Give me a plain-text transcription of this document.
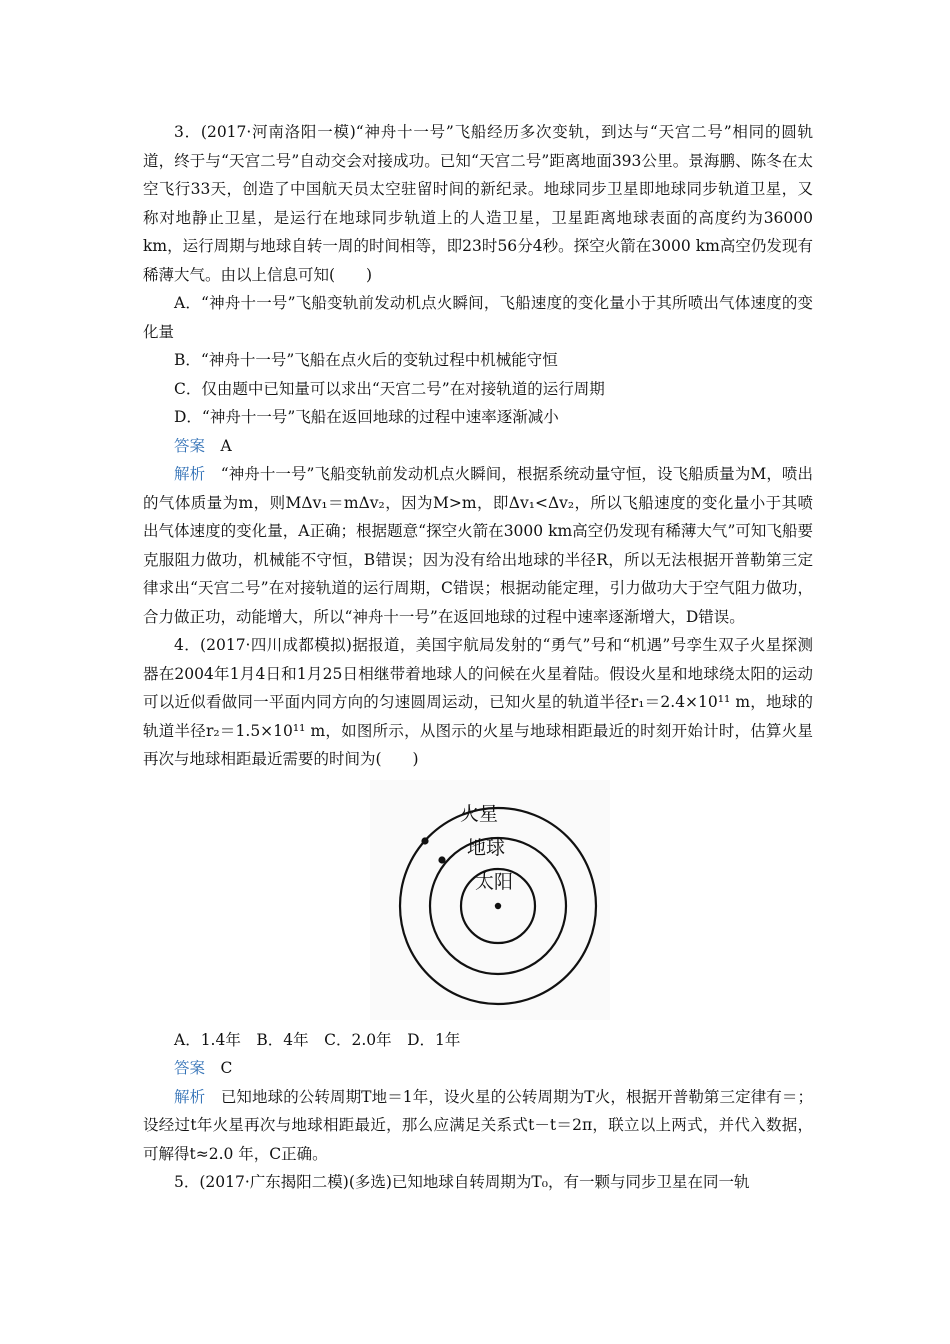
3．(2017·河南洛阳一模)“神舟十一号”飞船经历多次变轨，到达与“天宫二号”相同的圆轨道，终于与“天宫二号”自动交会对接成功。已知“天宫二号”距离地面393公里。景海鹏、陈冬在太空飞行33天，创造了中国航天员太空驻留时间的新纪录。地球同步卫星即地球同步轨道卫星，又称对地静止卫星，是运行在地球同步轨道上的人造卫星，卫星距离地球表面的高度约为36000 km，运行周期与地球自转一周的时间相等，即23时56分4秒。探空火箭在3000 km高空仍发现有稀薄大气。由以上信息可知(　　)

A．“神舟十一号”飞船变轨前发动机点火瞬间，飞船速度的变化量小于其所喷出气体速度的变化量

B．“神舟十一号”飞船在点火后的变轨过程中机械能守恒

C．仅由题中已知量可以求出“天宫二号”在对接轨道的运行周期

D．“神舟十一号”飞船在返回地球的过程中速率逐渐减小

答案　 A

解析　 “神舟十一号”飞船变轨前发动机点火瞬间，根据系统动量守恒，设飞船质量为M，喷出的气体质量为m，则MΔv₁＝mΔv₂，因为M>m，即Δv₁<Δv₂，所以飞船速度的变化量小于其喷出气体速度的变化量，A正确；根据题意“探空火箭在3000 km高空仍发现有稀薄大气”可知飞船要克服阻力做功，机械能不守恒，B错误；因为没有给出地球的半径R，所以无法根据开普勒第三定律求出“天宫二号”在对接轨道的运行周期，C错误；根据动能定理，引力做功大于空气阻力做功，合力做正功，动能增大，所以“神舟十一号”在返回地球的过程中速率逐渐增大，D错误。

4．(2017·四川成都模拟)据报道，美国宇航局发射的“勇气”号和“机遇”号孪生双子火星探测器在2004年1月4日和1月25日相继带着地球人的问候在火星着陆。假设火星和地球绕太阳的运动可以近似看做同一平面内同方向的匀速圆周运动，已知火星的轨道半径r₁＝2.4×10¹¹ m，地球的轨道半径r₂＝1.5×10¹¹ m，如图所示，从图示的火星与地球相距最近的时刻开始计时，估算火星再次与地球相距最近需要的时间为(　　)

火星
地球
太阳

A．1.4年　B．4年　C．2.0年　D．1年

答案　 C

解析　 已知地球的公转周期T地＝1年，设火星的公转周期为T火，根据开普勒第三定律有＝；设经过t年火星再次与地球相距最近，那么应满足关系式t－t＝2π，联立以上两式，并代入数据，可解得t≈2.0 年，C正确。

5．(2017·广东揭阳二模)(多选)已知地球自转周期为T₀，有一颗与同步卫星在同一轨
